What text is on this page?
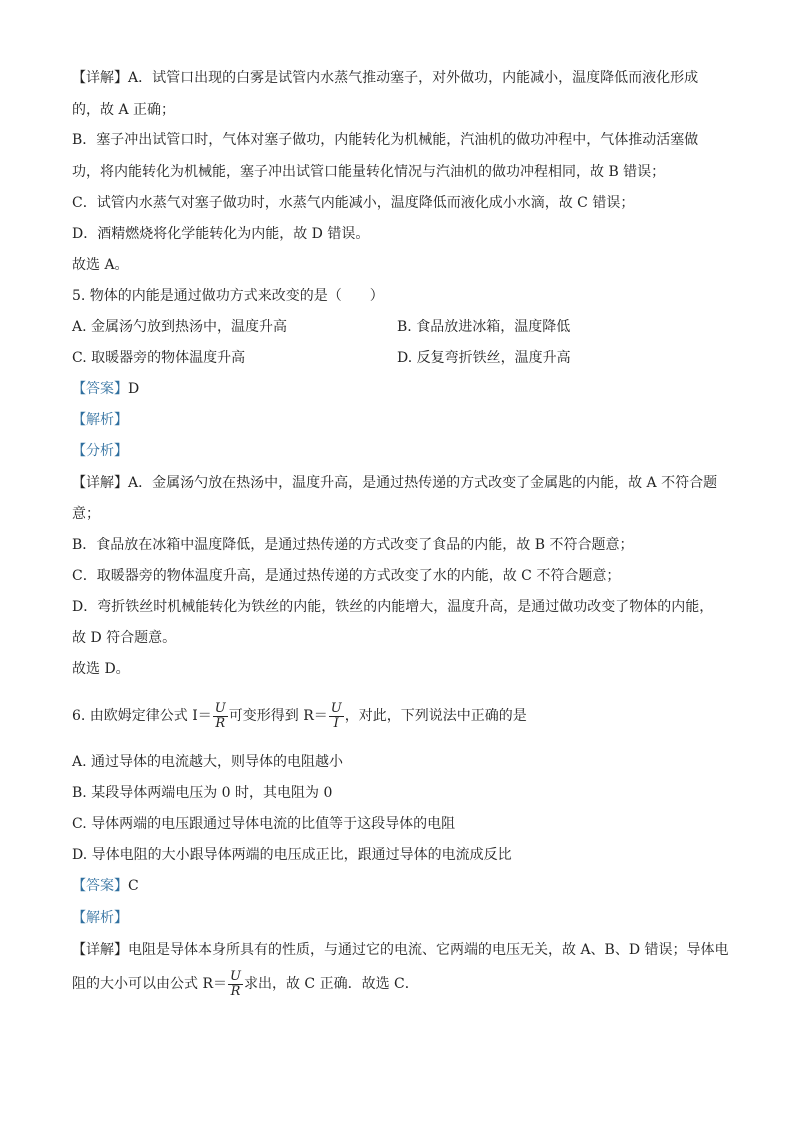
【详解】A．试管口出现的白雾是试管内水蒸气推动塞子，对外做功，内能减小，温度降低而液化形成
的，故 A 正确；
B．塞子冲出试管口时，气体对塞子做功，内能转化为机械能，汽油机的做功冲程中，气体推动活塞做
功，将内能转化为机械能，塞子冲出试管口能量转化情况与汽油机的做功冲程相同，故 B 错误；
C．试管内水蒸气对塞子做功时，水蒸气内能减小，温度降低而液化成小水滴，故 C 错误；
D．酒精燃烧将化学能转化为内能，故 D 错误。
故选 A。
5. 物体的内能是通过做功方式来改变的是（　　）
A. 金属汤勺放到热汤中，温度升高	B. 食品放进冰箱，温度降低
C. 取暖器旁的物体温度升高	D. 反复弯折铁丝，温度升高
【答案】D
【解析】
【分析】
【详解】A．金属汤勺放在热汤中，温度升高，是通过热传递的方式改变了金属匙的内能，故 A 不符合题
意；
B．食品放在冰箱中温度降低，是通过热传递的方式改变了食品的内能，故 B 不符合题意；
C．取暖器旁的物体温度升高，是通过热传递的方式改变了水的内能，故 C 不符合题意；
D．弯折铁丝时机械能转化为铁丝的内能，铁丝的内能增大，温度升高，是通过做功改变了物体的内能，
故 D 符合题意。
故选 D。
6. 由欧姆定律公式 $I= \frac{U}{R}$ 可变形得到 $R= \frac{U}{I}$ ，对此，下列说法中正确的是
A. 通过导体的电流越大，则导体的电阻越小
B. 某段导体两端电压为 0 时，其电阻为 0
C. 导体两端的电压跟通过导体电流的比值等于这段导体的电阻
D. 导体电阻的大小跟导体两端的电压成正比，跟通过导体的电流成反比
【答案】C
【解析】
【详解】电阻是导体本身所具有的性质，与通过它的电流、它两端的电压无关，故 A、B、D 错误；导体电
阻的大小可以由公式 $R= \frac{U}{R}$ 求出，故 C 正确．故选 C．
